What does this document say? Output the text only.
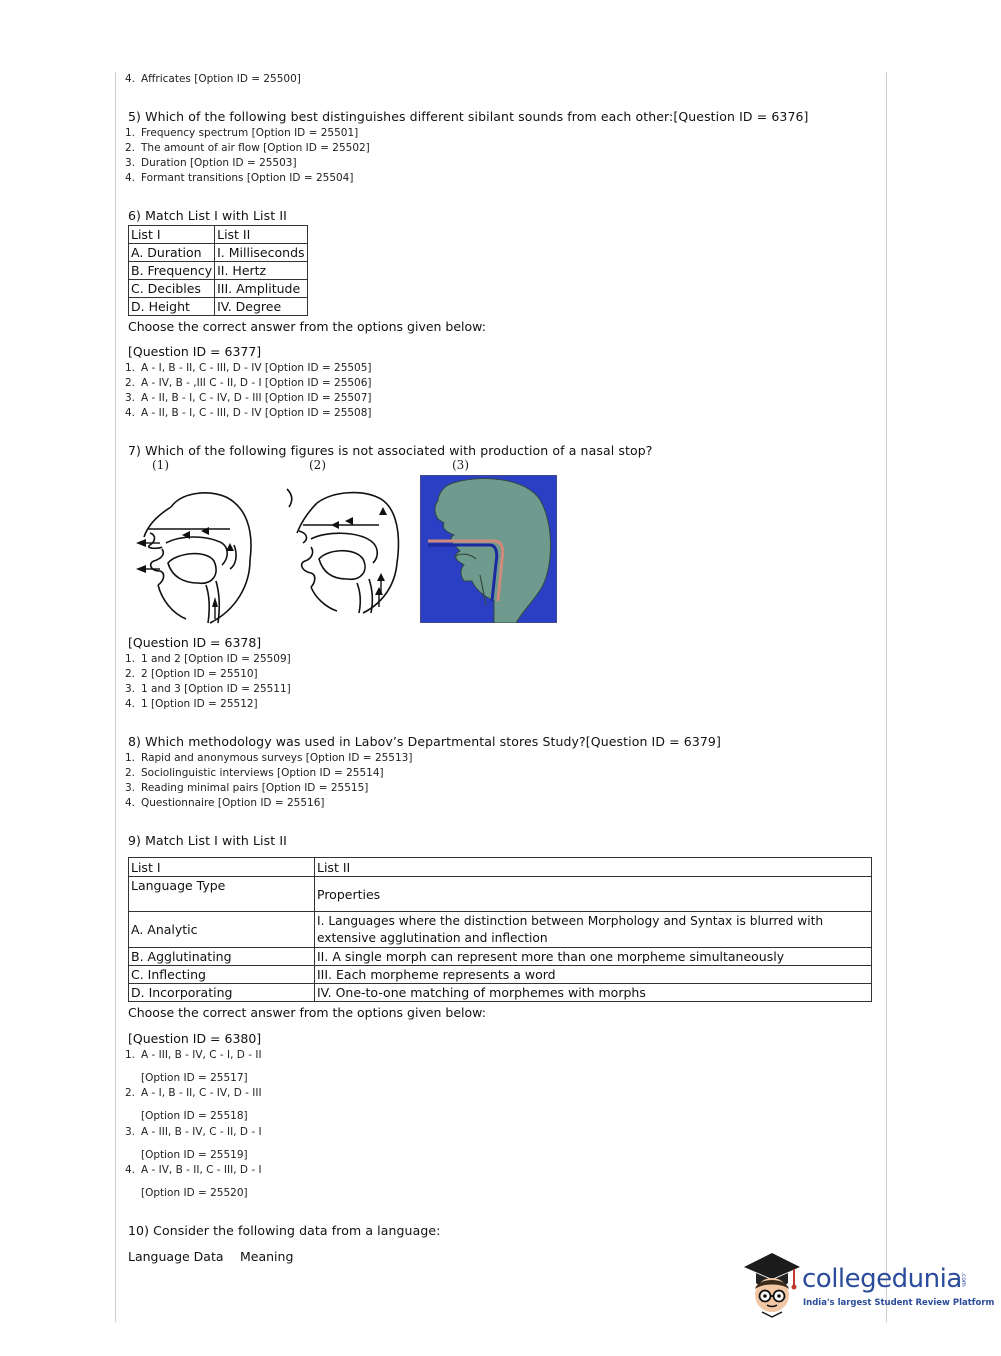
4. Affricates [Option ID = 25500]
5) Which of the following best distinguishes different sibilant sounds from each other:[Question ID = 6376]
1. Frequency spectrum [Option ID = 25501]
2. The amount of air flow [Option ID = 25502]
3. Duration [Option ID = 25503]
4. Formant transitions [Option ID = 25504]
6) Match List I with List II
List I	List II
A. Duration	I. Milliseconds
B. Frequency	II. Hertz
C. Decibles	III. Amplitude
D. Height	IV. Degree
Choose the correct answer from the options given below:
[Question ID = 6377]
1. A - I, B - II, C - III, D - IV [Option ID = 25505]
2. A - IV, B - ,III C - II, D - I [Option ID = 25506]
3. A - II, B - I, C - IV, D - III [Option ID = 25507]
4. A - II, B - I, C - III, D - IV [Option ID = 25508]
7) Which of the following figures is not associated with production of a nasal stop?
(1)	(2)	(3)
[Question ID = 6378]
1. 1 and 2 [Option ID = 25509]
2. 2 [Option ID = 25510]
3. 1 and 3 [Option ID = 25511]
4. 1 [Option ID = 25512]
8) Which methodology was used in Labov’s Departmental stores Study?[Question ID = 6379]
1. Rapid and anonymous surveys [Option ID = 25513]
2. Sociolinguistic interviews [Option ID = 25514]
3. Reading minimal pairs [Option ID = 25515]
4. Questionnaire [Option ID = 25516]
9) Match List I with List II
List I	List II
Language Type	Properties
A. Analytic	I. Languages where the distinction between Morphology and Syntax is blurred with extensive agglutination and inflection
B. Agglutinating	II. A single morph can represent more than one morpheme simultaneously
C. Inflecting	III. Each morpheme represents a word
D. Incorporating	IV. One-to-one matching of morphemes with morphs
Choose the correct answer from the options given below:
[Question ID = 6380]
1. A - III, B - IV, C - I, D - II
[Option ID = 25517]
2. A - I, B - II, C - IV, D - III
[Option ID = 25518]
3. A - III, B - IV, C - II, D - I
[Option ID = 25519]
4. A - IV, B - II, C - III, D - I
[Option ID = 25520]
10) Consider the following data from a language:
Language Data Meaning
collegedunia
.com
India's largest Student Review Platform
